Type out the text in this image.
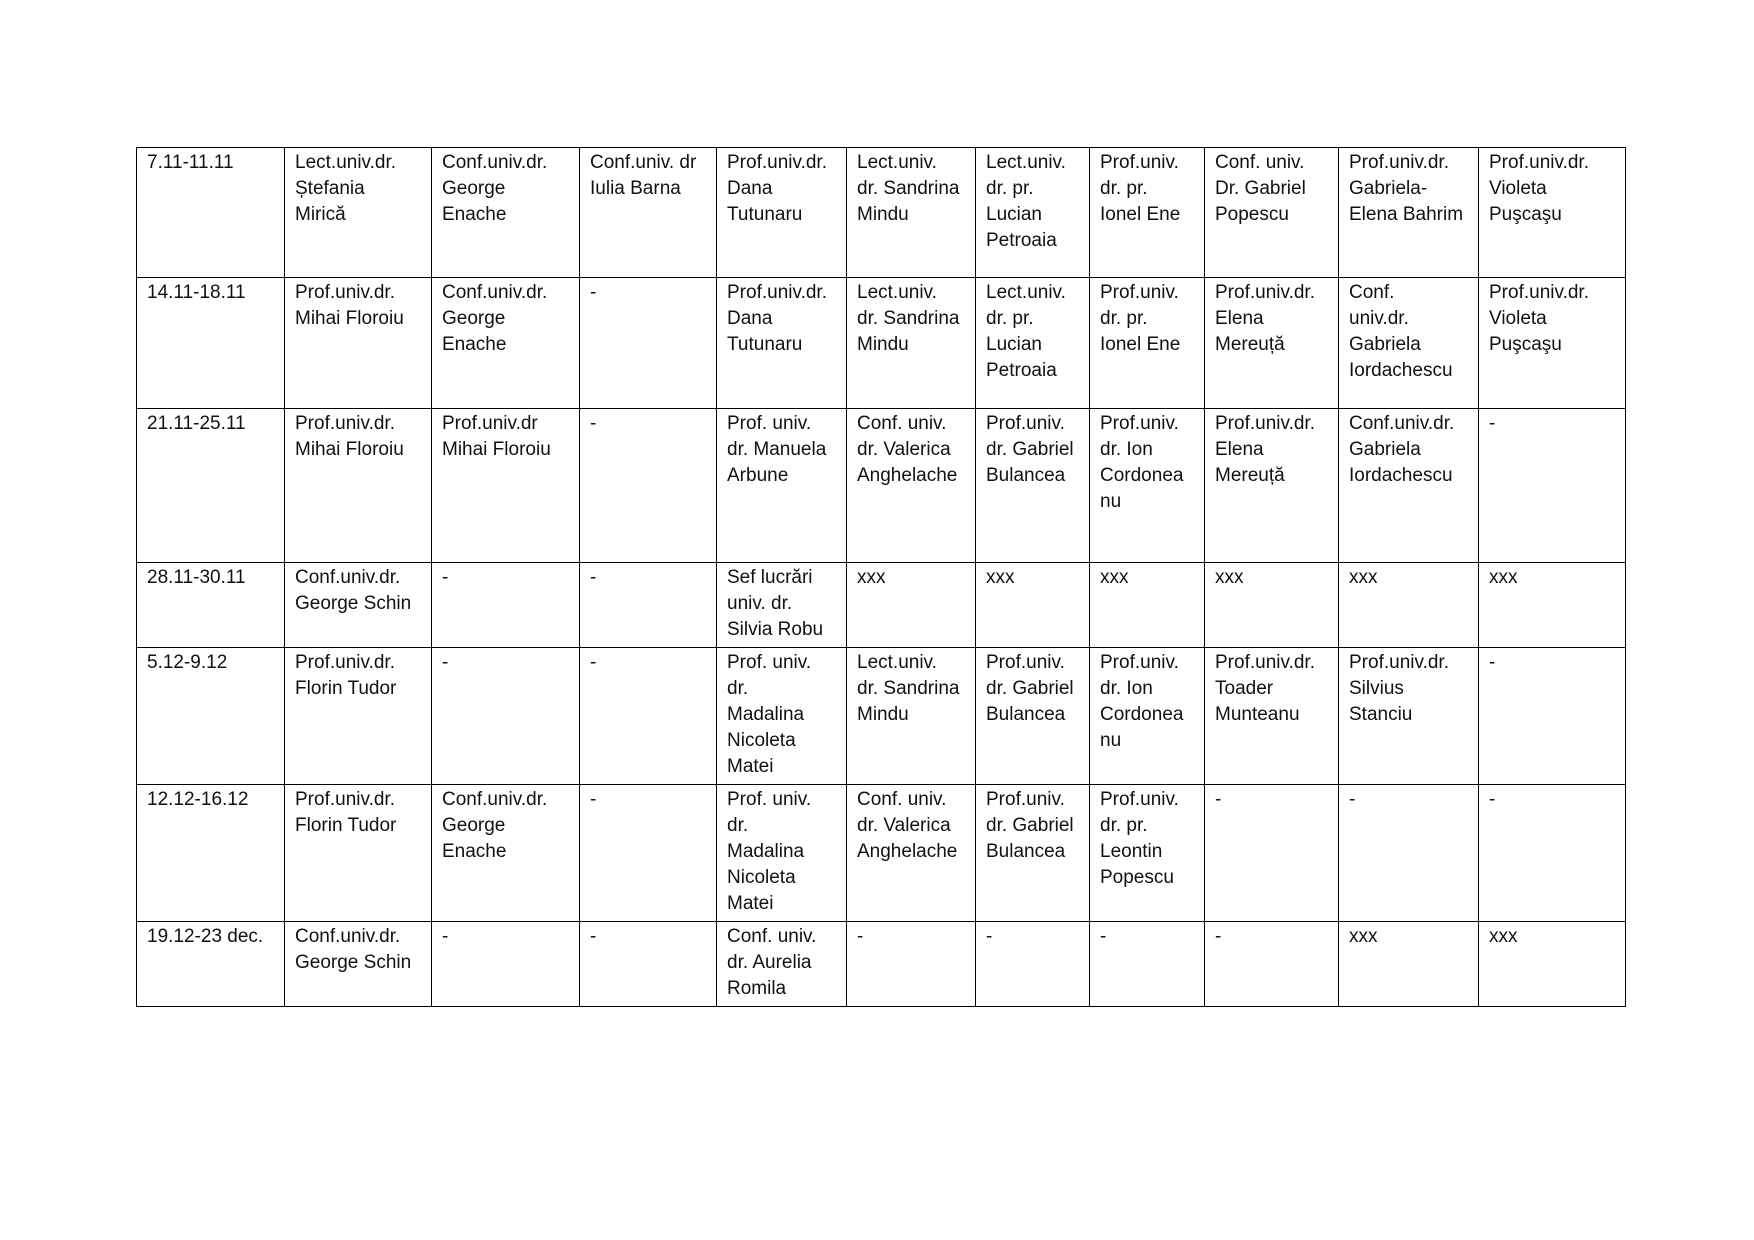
7.11-11.11	Lect.univ.dr.
Ștefania
Mirică	Conf.univ.dr.
George
Enache	Conf.univ. dr
Iulia Barna	Prof.univ.dr.
Dana
Tutunaru	Lect.univ.
dr. Sandrina
Mindu	Lect.univ.
dr. pr.
Lucian
Petroaia	Prof.univ.
dr. pr.
Ionel Ene	Conf. univ.
Dr. Gabriel
Popescu	Prof.univ.dr.
Gabriela-
Elena Bahrim	Prof.univ.dr.
Violeta
Puşcaşu
14.11-18.11	Prof.univ.dr.
Mihai Floroiu	Conf.univ.dr.
George
Enache	-	Prof.univ.dr.
Dana
Tutunaru	Lect.univ.
dr. Sandrina
Mindu	Lect.univ.
dr. pr.
Lucian
Petroaia	Prof.univ.
dr. pr.
Ionel Ene	Prof.univ.dr.
Elena
Mereuță	Conf.
univ.dr.
Gabriela
Iordachescu	Prof.univ.dr.
Violeta
Puşcaşu
21.11-25.11	Prof.univ.dr.
Mihai Floroiu	Prof.univ.dr
Mihai Floroiu	-	Prof. univ.
dr. Manuela
Arbune	Conf. univ.
dr. Valerica
Anghelache	Prof.univ.
dr. Gabriel
Bulancea	Prof.univ.
dr. Ion
Cordonea
nu	Prof.univ.dr.
Elena
Mereuță	Conf.univ.dr.
Gabriela
Iordachescu	-
28.11-30.11	Conf.univ.dr.
George Schin	-	-	Sef lucrări
univ. dr.
Silvia Robu	xxx	xxx	xxx	xxx	xxx	xxx
5.12-9.12	Prof.univ.dr.
Florin Tudor	-	-	Prof. univ.
dr.
Madalina
Nicoleta
Matei	Lect.univ.
dr. Sandrina
Mindu	Prof.univ.
dr. Gabriel
Bulancea	Prof.univ.
dr. Ion
Cordonea
nu	Prof.univ.dr.
Toader
Munteanu	Prof.univ.dr.
Silvius
Stanciu	-
12.12-16.12	Prof.univ.dr.
Florin Tudor	Conf.univ.dr.
George
Enache	-	Prof. univ.
dr.
Madalina
Nicoleta
Matei	Conf. univ.
dr. Valerica
Anghelache	Prof.univ.
dr. Gabriel
Bulancea	Prof.univ.
dr. pr.
Leontin
Popescu	-	-	-
19.12-23 dec.	Conf.univ.dr.
George Schin	-	-	Conf. univ.
dr. Aurelia
Romila	-	-	-	-	xxx	xxx
